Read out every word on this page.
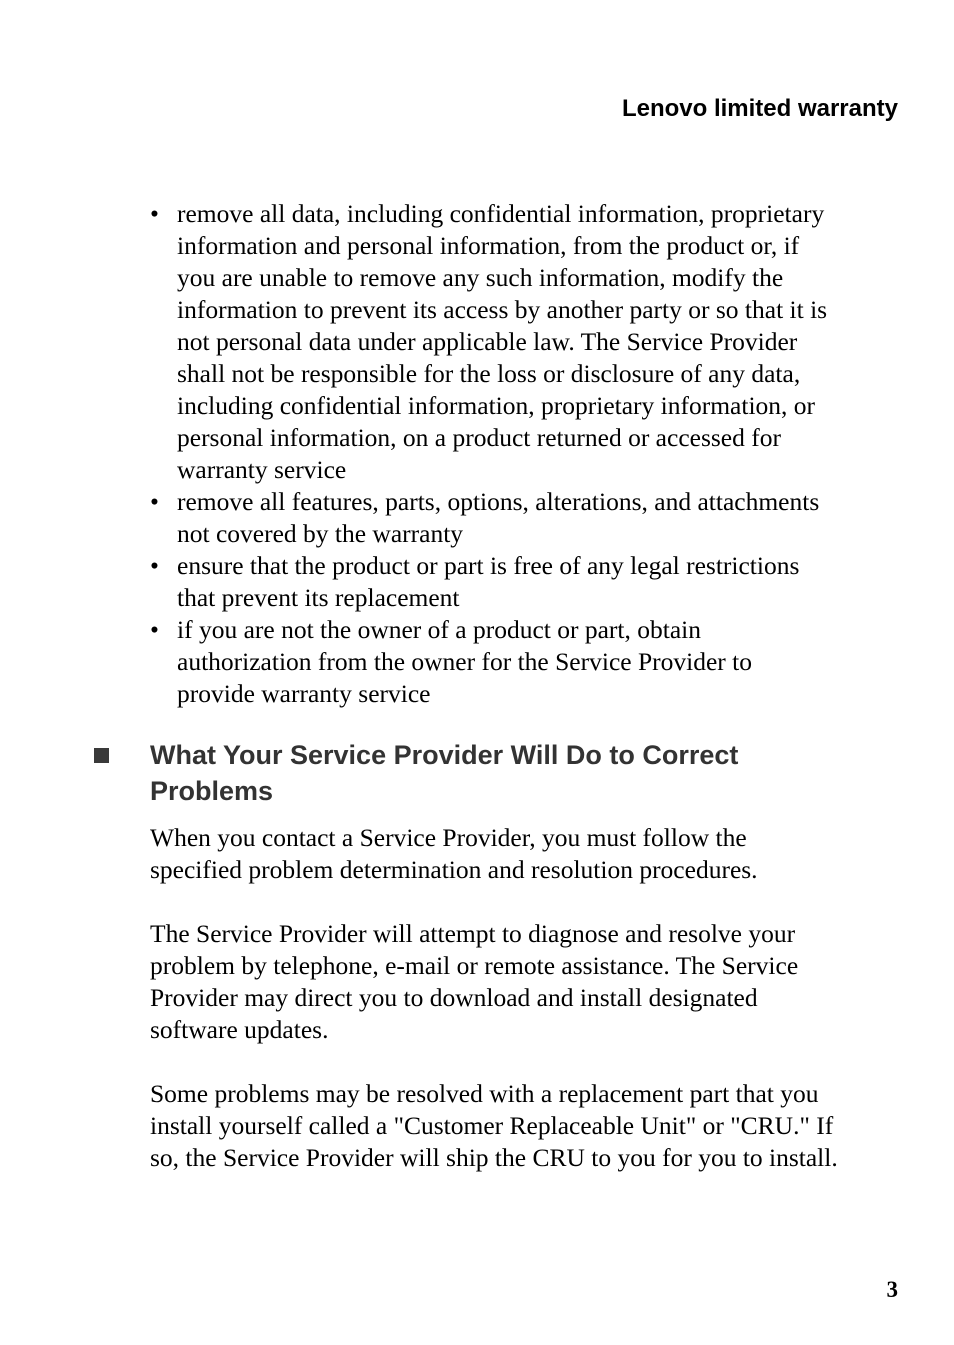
Lenovo limited warranty
• remove all data, including confidential information, proprietary
information and personal information, from the product or, if
you are unable to remove any such information, modify the
information to prevent its access by another party or so that it is
not personal data under applicable law. The Service Provider
shall not be responsible for the loss or disclosure of any data,
including confidential information, proprietary information, or
personal information, on a product returned or accessed for
warranty service
• remove all features, parts, options, alterations, and attachments
not covered by the warranty
• ensure that the product or part is free of any legal restrictions
that prevent its replacement
• if you are not the owner of a product or part, obtain
authorization from the owner for the Service Provider to
provide warranty service
What Your Service Provider Will Do to Correct
Problems

When you contact a Service Provider, you must follow the
specified problem determination and resolution procedures.

The Service Provider will attempt to diagnose and resolve your
problem by telephone, e-mail or remote assistance. The Service
Provider may direct you to download and install designated
software updates.

Some problems may be resolved with a replacement part that you
install yourself called a "Customer Replaceable Unit" or "CRU." If
so, the Service Provider will ship the CRU to you for you to install.

3
